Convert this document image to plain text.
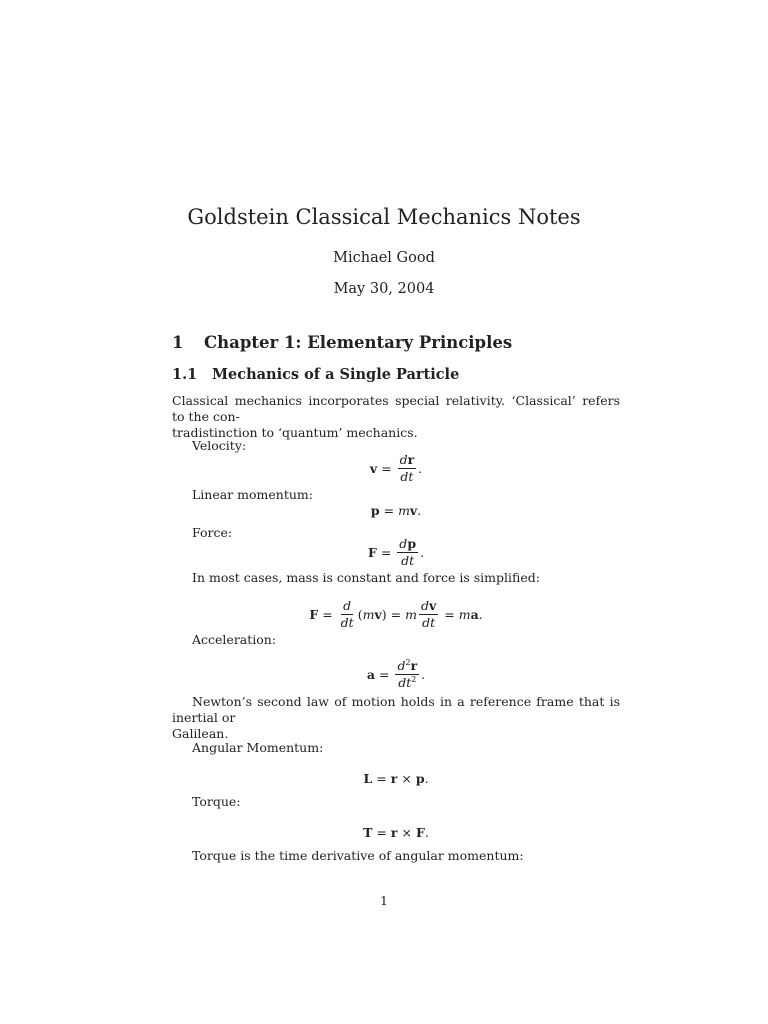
Goldstein Classical Mechanics Notes
Michael Good
May 30, 2004
1 Chapter 1: Elementary Principles
1.1 Mechanics of a Single Particle
Classical mechanics incorporates special relativity. ‘Classical’ refers to the con-
tradistinction to ‘quantum’ mechanics.
Velocity:
$v = \frac{dr}{dt}$ .
Linear momentum:
p = m v .
Force:
$F = \frac{dp}{dt}$ .
In most cases, mass is constant and force is simplified:
$F = \frac{d}{dt}$ ( m v ) = m $\frac{dv}{dt} = m$ a .
Acceleration:
$a = \frac{d^2r}{dt^2}$ .
Newton’s second law of motion holds in a reference frame that is inertial or
Galilean.
Angular Momentum:
L = r × p .
Torque:
T = r × F .
Torque is the time derivative of angular momentum:
1
